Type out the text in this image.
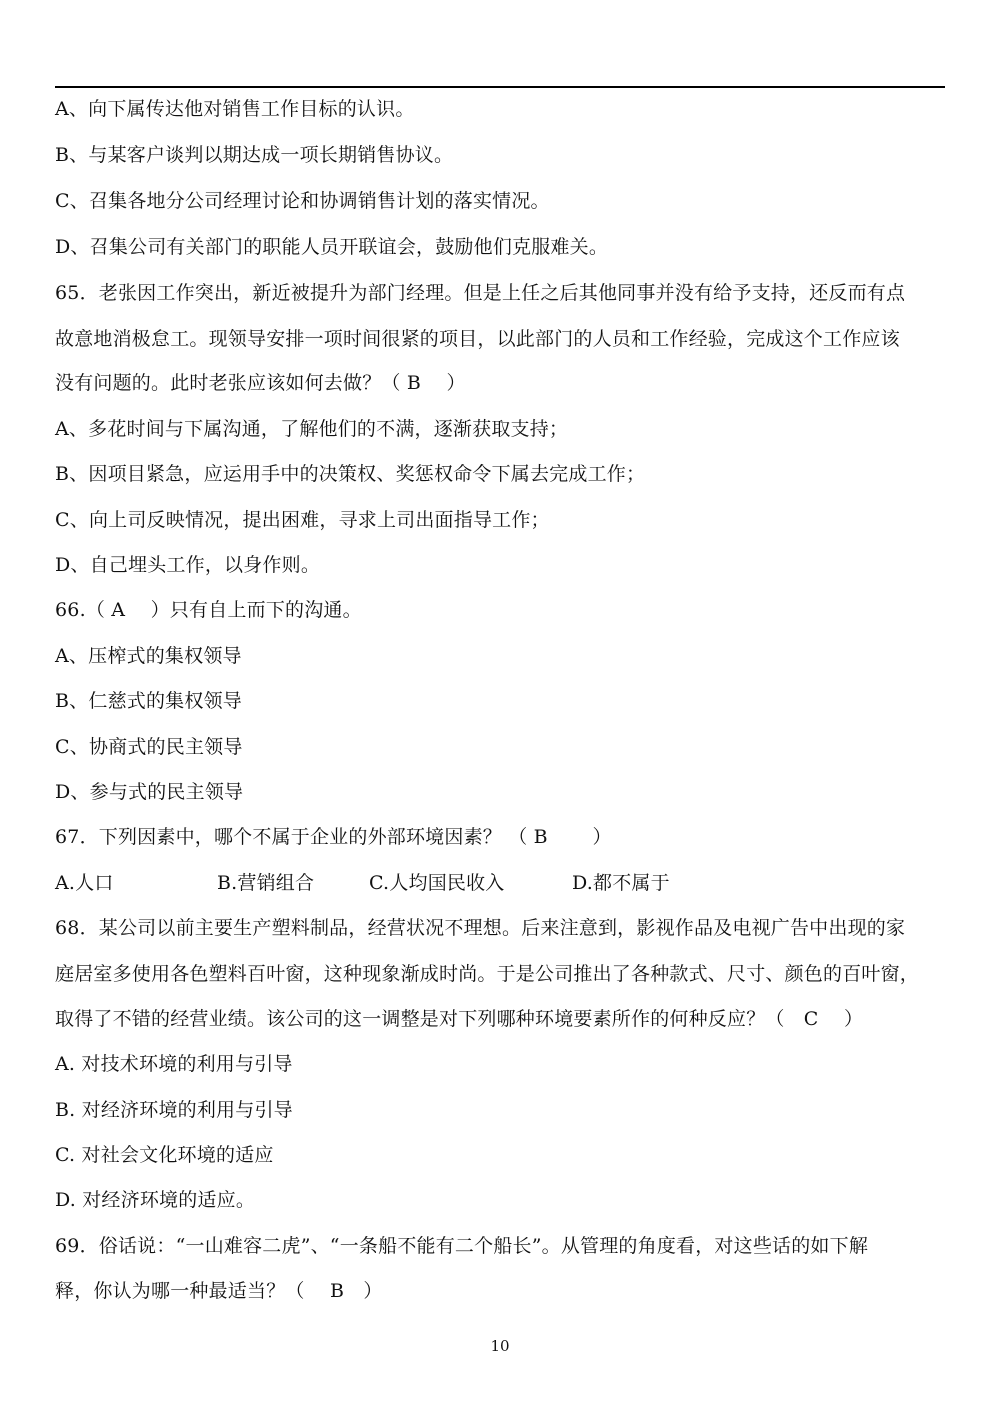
A、向下属传达他对销售工作目标的认识。
B、与某客户谈判以期达成一项长期销售协议。
C、召集各地分公司经理讨论和协调销售计划的落实情况。
D、召集公司有关部门的职能人员开联谊会，鼓励他们克服难关。
65．老张因工作突出，新近被提升为部门经理。但是上任之后其他同事并没有给予支持，还反而有点
故意地消极怠工。现领导安排一项时间很紧的项目，以此部门的人员和工作经验，完成这个工作应该
没有问题的。此时老张应该如何去做？（ B　 ）
A、多花时间与下属沟通，了解他们的不满，逐渐获取支持；
B、因项目紧急，应运用手中的决策权、奖惩权命令下属去完成工作；
C、向上司反映情况，提出困难，寻求上司出面指导工作；
D、自己埋头工作，以身作则。
66.（ A　 ）只有自上而下的沟通。
A、压榨式的集权领导
B、仁慈式的集权领导
C、协商式的民主领导
D、参与式的民主领导
67．下列因素中，哪个不属于企业的外部环境因素？ （ B　　 ）
A.人口	B.营销组合	C.人均国民收入	D.都不属于
68．某公司以前主要生产塑料制品，经营状况不理想。后来注意到，影视作品及电视广告中出现的家
庭居室多使用各色塑料百叶窗，这种现象渐成时尚。于是公司推出了各种款式、尺寸、颜色的百叶窗，
取得了不错的经营业绩。该公司的这一调整是对下列哪种环境要素所作的何种反应？（　C　 ）
A. 对技术环境的利用与引导
B. 对经济环境的利用与引导
C. 对社会文化环境的适应
D. 对经济环境的适应。
69．俗话说：“一山难容二虎”、“一条船不能有二个船长”。从管理的角度看，对这些话的如下解
释，你认为哪一种最适当？（　 B　）
10
